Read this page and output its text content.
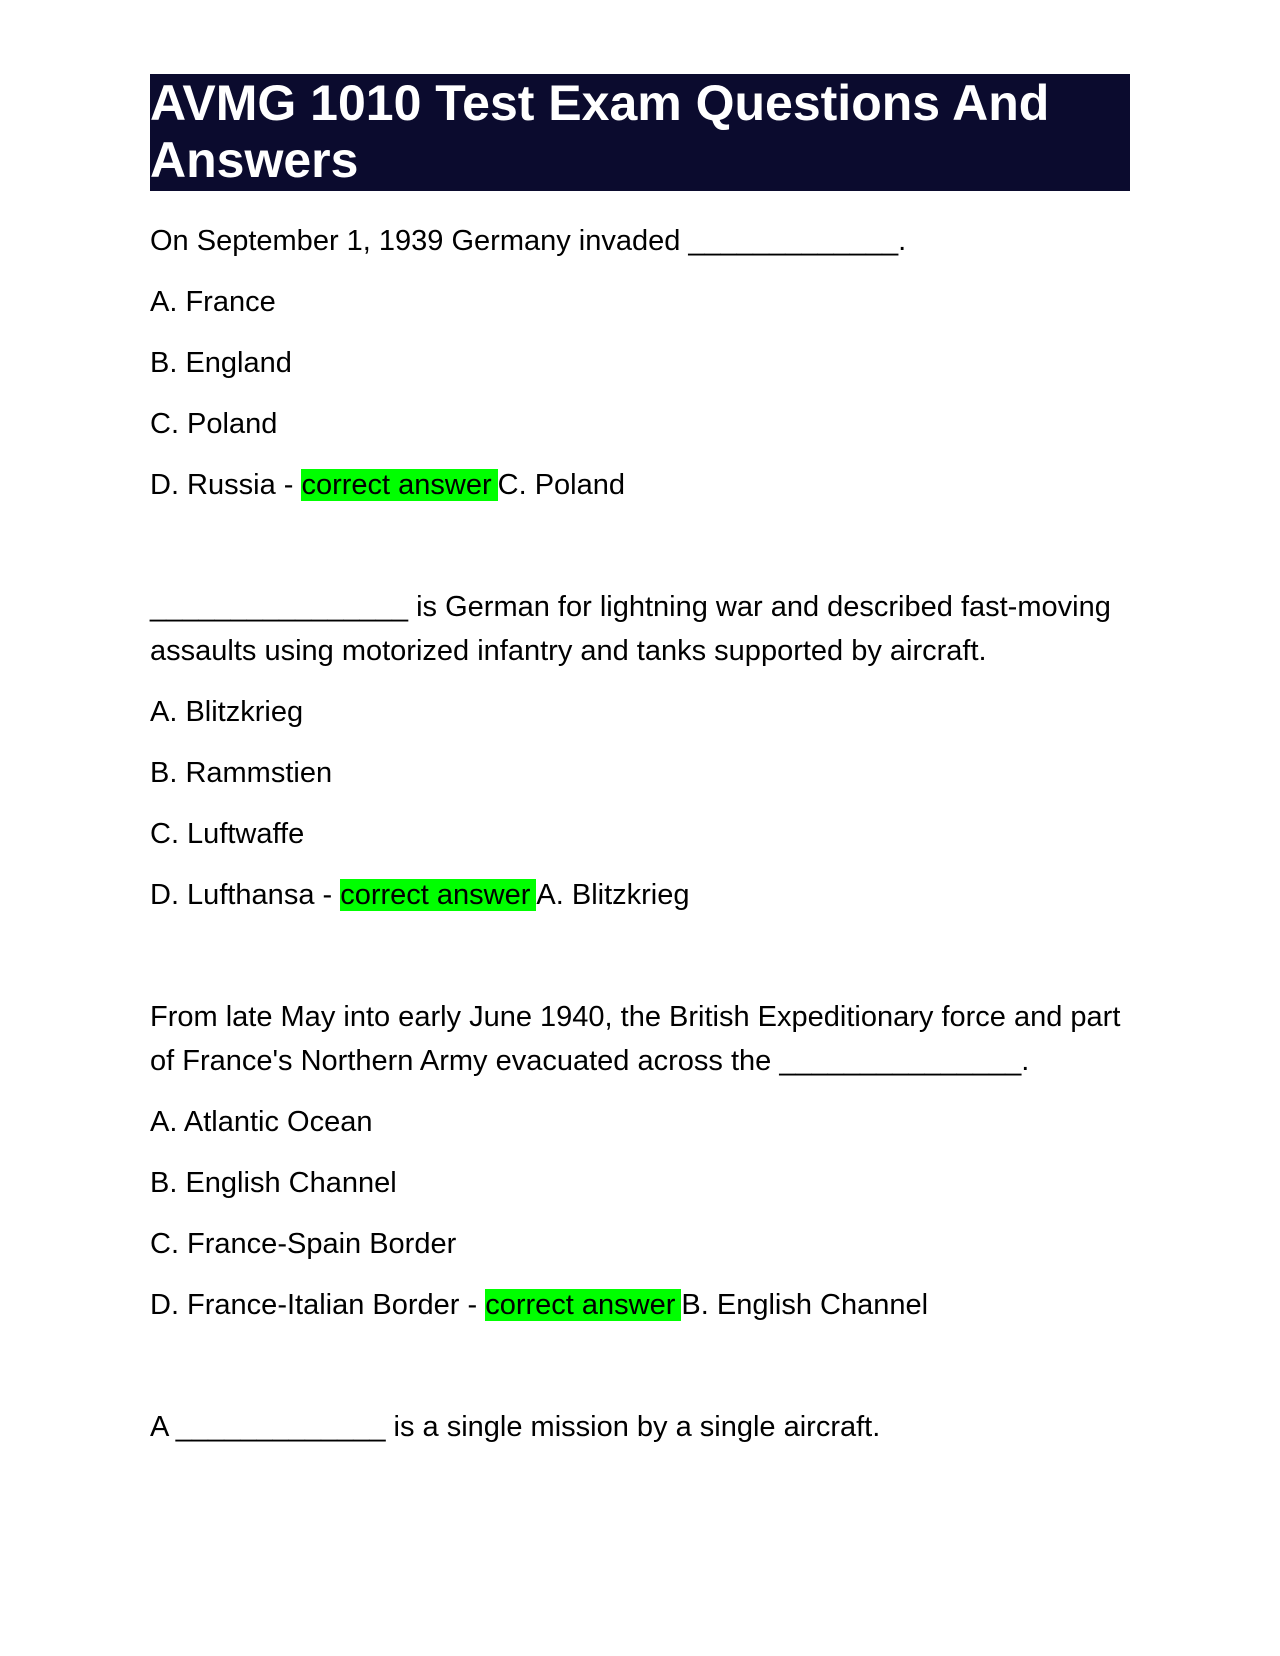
AVMG 1010 Test Exam Questions And Answers

On September 1, 1939 Germany invaded _____________.

A. France

B. England

C. Poland

D. Russia - correct answer C. Poland

________________ is German for lightning war and described fast-moving assaults using motorized infantry and tanks supported by aircraft.

A. Blitzkrieg

B. Rammstien

C. Luftwaffe

D. Lufthansa - correct answer A. Blitzkrieg

From late May into early June 1940, the British Expeditionary force and part of France's Northern Army evacuated across the _______________.

A. Atlantic Ocean

B. English Channel

C. France-Spain Border

D. France-Italian Border - correct answer B. English Channel

A _____________ is a single mission by a single aircraft.
